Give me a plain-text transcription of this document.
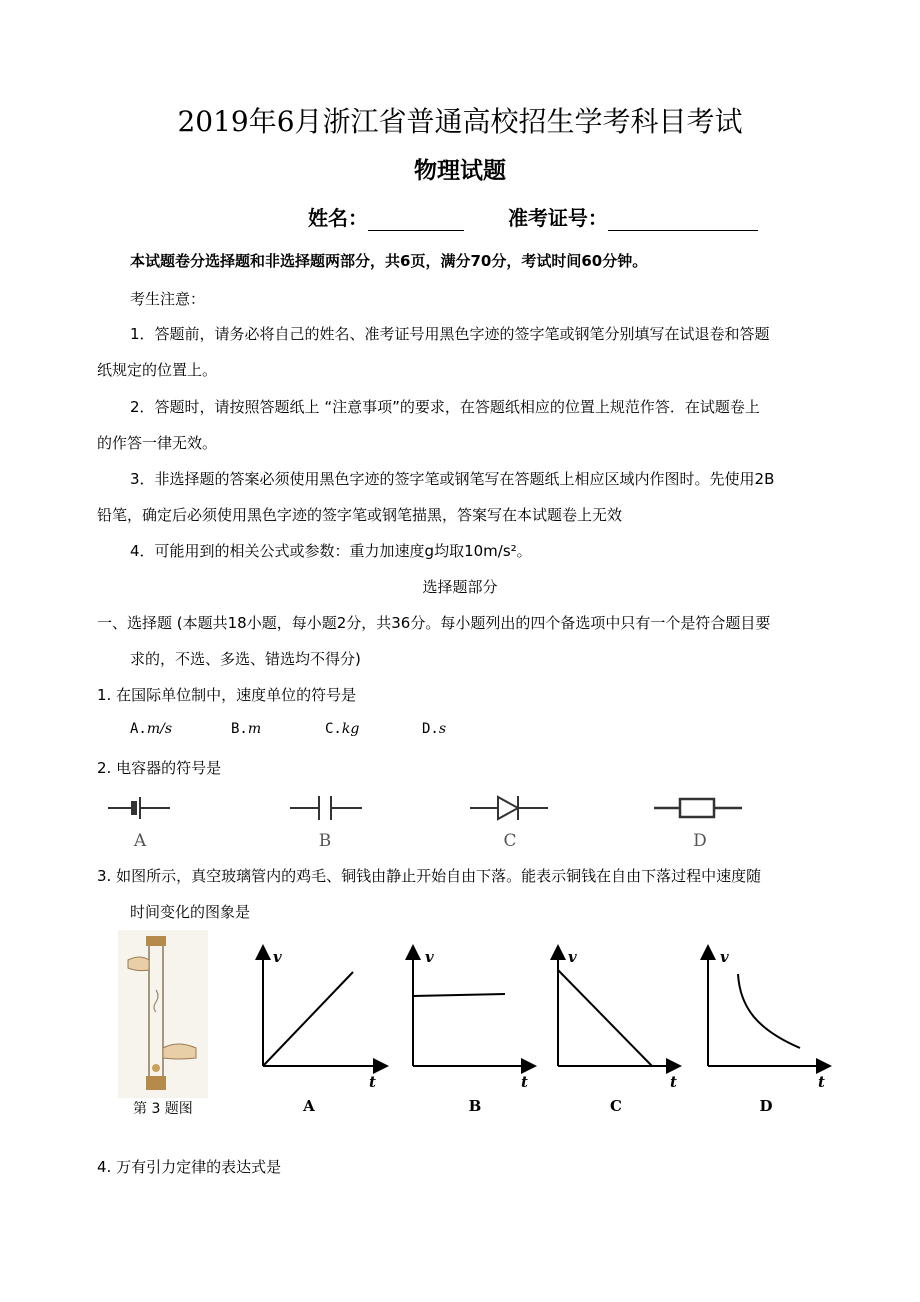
2019年6月浙江省普通高校招生学考科目考试
物理试题
姓名：	准考证号：
本试题卷分选择题和非选择题两部分，共6页，满分70分，考试时间60分钟。
考生注意：
1．答题前，请务必将自己的姓名、准考证号用黑色字迹的签字笔或钢笔分别填写在试退卷和答题
纸规定的位置上。
2．答题时，请按照答题纸上 “注意事项”的要求，在答题纸相应的位置上规范作答．在试题卷上
的作答一律无效。
3．非选择题的答案必须使用黑色字迹的签字笔或钢笔写在答题纸上相应区域内作图时。先使用2B
铅笔，确定后必须使用黑色字迹的签字笔或钢笔描黑，答案写在本试题卷上无效
4．可能用到的相关公式或参数：重力加速度g均取10m/s²。
选择题部分
一、选择题 (本题共18小题，每小题2分，共36分。每小题列出的四个备选项中只有一个是符合题目要
求的，不选、多选、错选均不得分)
1. 在国际单位制中，速度单位的符号是
A.m/s	B.m	C.kg	D.s
2. 电容器的符号是
A	B	C	D
3. 如图所示，真空玻璃管内的鸡毛、铜钱由静止开始自由下落。能表示铜钱在自由下落过程中速度随
时间变化的图象是
第 3 题图
v
t
A
v
t
B
v
t
C
v
t
D
4. 万有引力定律的表达式是
